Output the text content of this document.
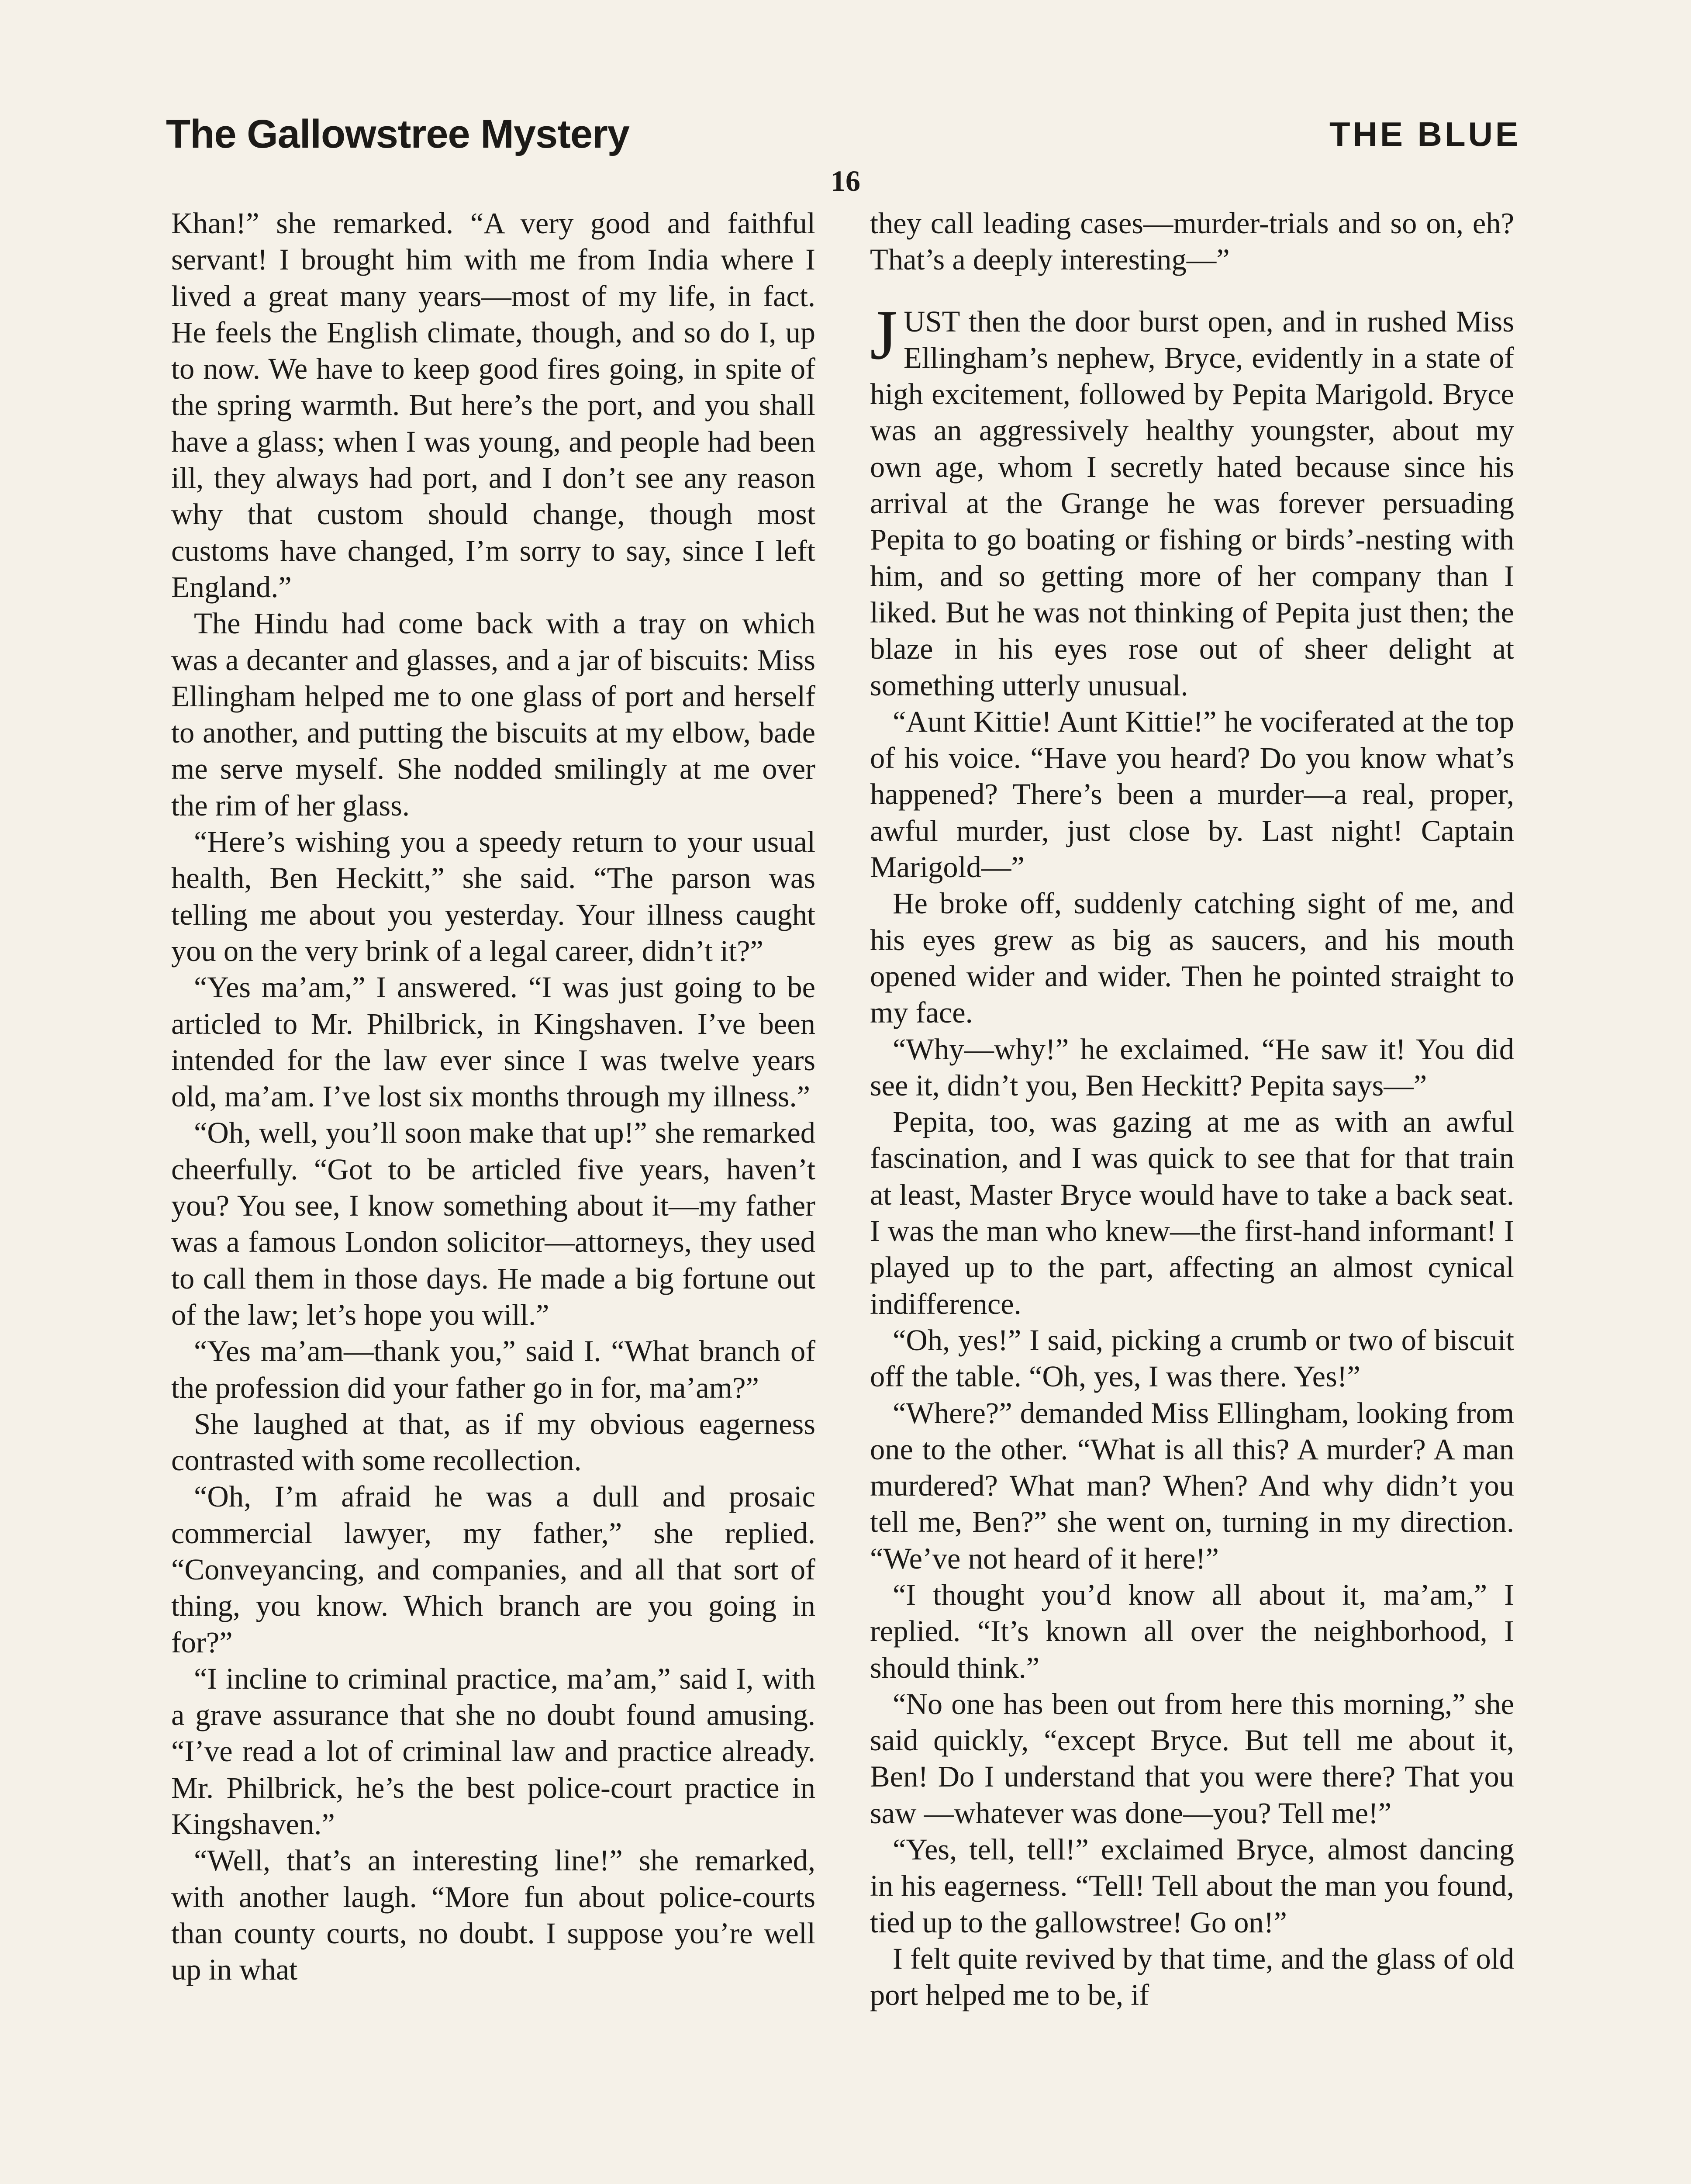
The Gallowstree Mystery	THE BLUE
16

Khan!” she remarked. “A very good and faithful servant! I brought him with me from India where I lived a great many years—most of my life, in fact. He feels the English climate, though, and so do I, up to now. We have to keep good fires going, in spite of the spring warmth. But here’s the port, and you shall have a glass; when I was young, and people had been ill, they always had port, and I don’t see any reason why that custom should change, though most customs have changed, I’m sorry to say, since I left England.”

The Hindu had come back with a tray on which was a decanter and glasses, and a jar of biscuits: Miss Ellingham helped me to one glass of port and herself to another, and putting the biscuits at my elbow, bade me serve myself. She nodded smilingly at me over the rim of her glass.

“Here’s wishing you a speedy return to your usual health, Ben Heckitt,” she said. “The parson was telling me about you yesterday. Your illness caught you on the very brink of a legal career, didn’t it?”

“Yes ma’am,” I answered. “I was just going to be articled to Mr. Philbrick, in Kingshaven. I’ve been intended for the law ever since I was twelve years old, ma’am. I’ve lost six months through my illness.”

“Oh, well, you’ll soon make that up!” she remarked cheerfully. “Got to be articled five years, haven’t you? You see, I know something about it—my father was a famous London solicitor—attorneys, they used to call them in those days. He made a big fortune out of the law; let’s hope you will.”

“Yes ma’am—thank you,” said I. “What branch of the profession did your father go in for, ma’am?”

She laughed at that, as if my obvious eagerness contrasted with some recollection.

“Oh, I’m afraid he was a dull and prosaic commercial lawyer, my father,” she replied. “Conveyancing, and companies, and all that sort of thing, you know. Which branch are you going in for?”

“I incline to criminal practice, ma’am,” said I, with a grave assurance that she no doubt found amusing. “I’ve read a lot of criminal law and practice already. Mr. Philbrick, he’s the best police-court practice in Kingshaven.”

“Well, that’s an interesting line!” she remarked, with another laugh. “More fun about police-courts than county courts, no doubt. I suppose you’re well up in what

they call leading cases—murder-trials and so on, eh? That’s a deeply interesting—”

JUST then the door burst open, and in rushed Miss Ellingham’s nephew, Bryce, evidently in a state of high excitement, followed by Pepita Marigold. Bryce was an aggressively healthy youngster, about my own age, whom I secretly hated because since his arrival at the Grange he was forever persuading Pepita to go boating or fishing or birds’-nesting with him, and so getting more of her company than I liked. But he was not thinking of Pepita just then; the blaze in his eyes rose out of sheer delight at something utterly unusual.

“Aunt Kittie! Aunt Kittie!” he vociferated at the top of his voice. “Have you heard? Do you know what’s happened? There’s been a murder—a real, proper, awful murder, just close by. Last night! Captain Marigold—”

He broke off, suddenly catching sight of me, and his eyes grew as big as saucers, and his mouth opened wider and wider. Then he pointed straight to my face.

“Why—why!” he exclaimed. “He saw it! You did see it, didn’t you, Ben Heckitt? Pepita says—”

Pepita, too, was gazing at me as with an awful fascination, and I was quick to see that for that train at least, Master Bryce would have to take a back seat. I was the man who knew—the first-hand informant! I played up to the part, affecting an almost cynical indifference.

“Oh, yes!” I said, picking a crumb or two of biscuit off the table. “Oh, yes, I was there. Yes!”

“Where?” demanded Miss Ellingham, looking from one to the other. “What is all this? A murder? A man murdered? What man? When? And why didn’t you tell me, Ben?” she went on, turning in my direction. “We’ve not heard of it here!”

“I thought you’d know all about it, ma’am,” I replied. “It’s known all over the neighborhood, I should think.”

“No one has been out from here this morning,” she said quickly, “except Bryce. But tell me about it, Ben! Do I understand that you were there? That you saw —whatever was done—you? Tell me!”

“Yes, tell, tell!” exclaimed Bryce, almost dancing in his eagerness. “Tell! Tell about the man you found, tied up to the gallowstree! Go on!”

I felt quite revived by that time, and the glass of old port helped me to be, if
